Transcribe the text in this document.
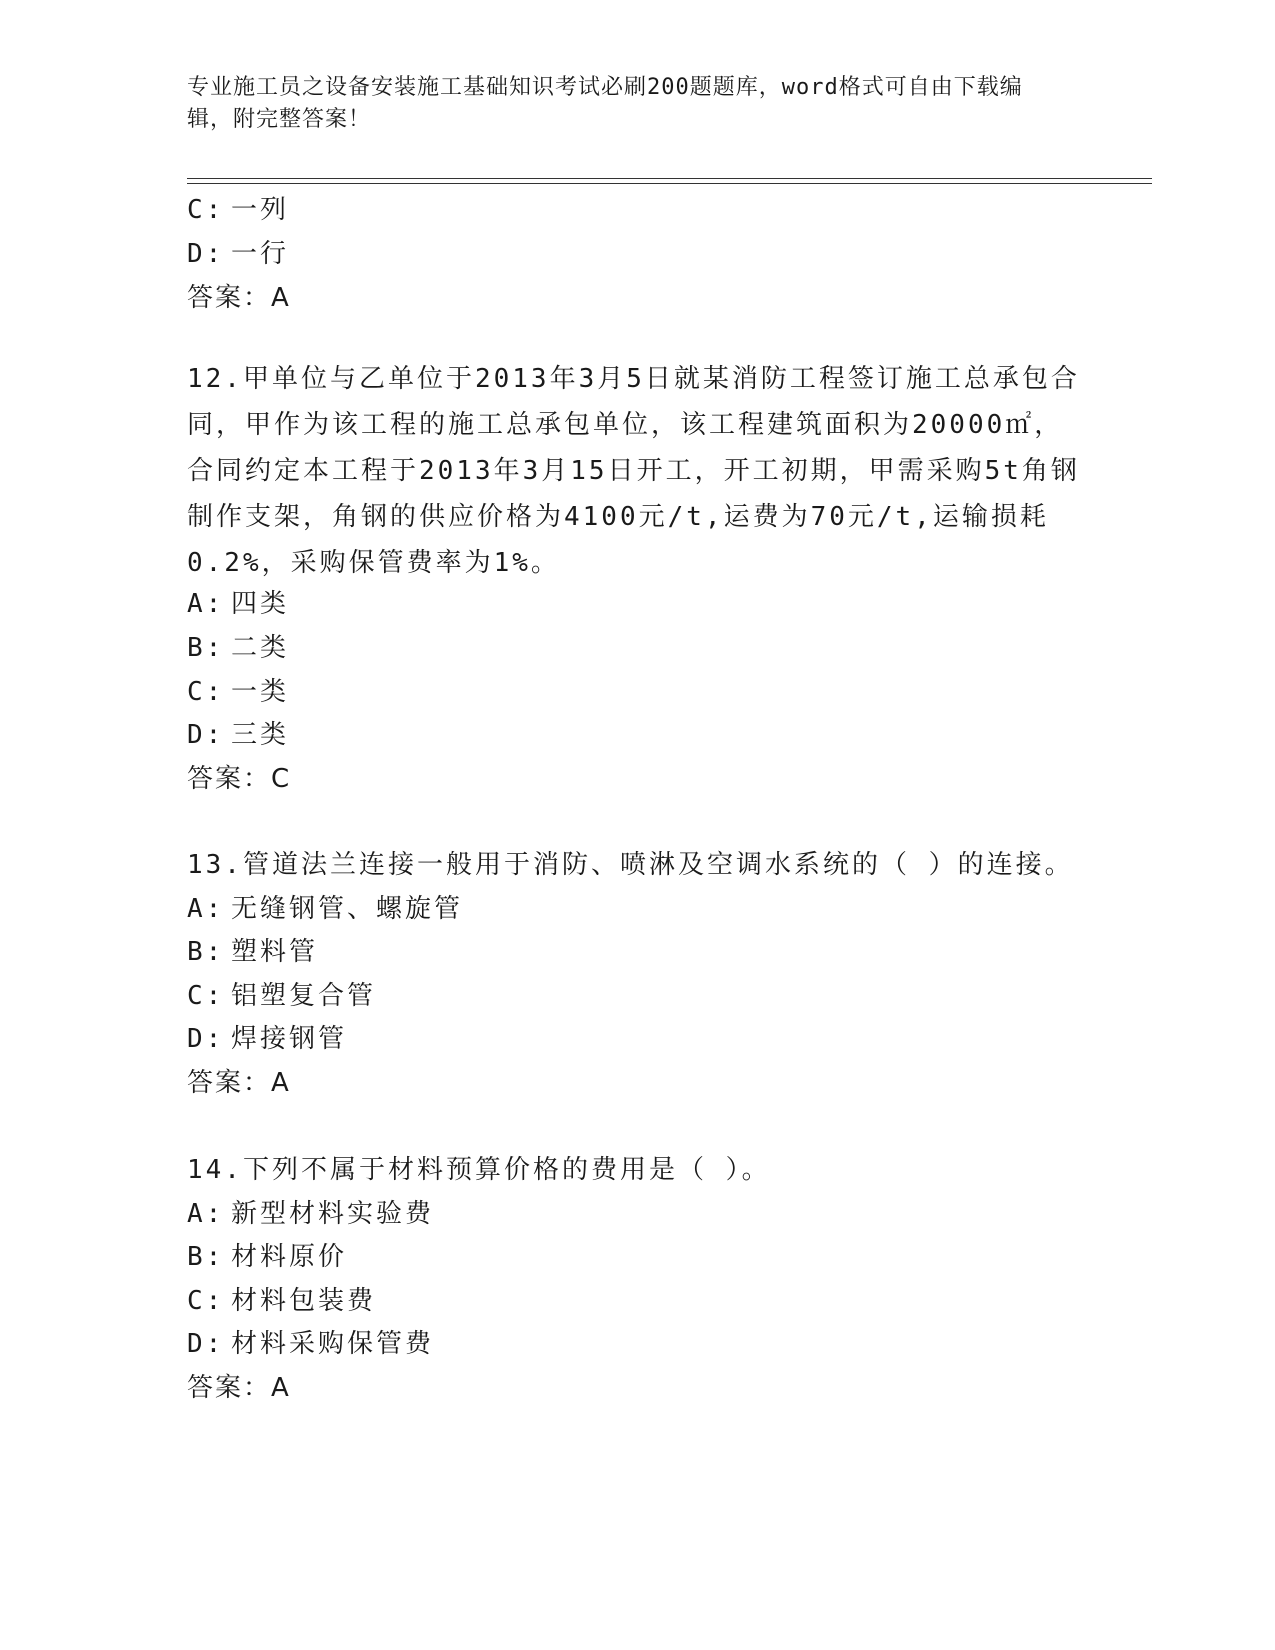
专业施工员之设备安装施工基础知识考试必刷200题题库，word格式可自由下载编辑，附完整答案！
C: 一列
D: 一行
答案：A
12.甲单位与乙单位于2013年3月5日就某消防工程签订施工总承包合同，甲作为该工程的施工总承包单位，该工程建筑面积为20000㎡，合同约定本工程于2013年3月15日开工，开工初期，甲需采购5t角钢制作支架，角钢的供应价格为4100元/t,运费为70元/t,运输损耗0.2%，采购保管费率为1%。
A: 四类
B: 二类
C: 一类
D: 三类
答案：C
13.管道法兰连接一般用于消防、喷淋及空调水系统的（ ）的连接。
A: 无缝钢管、螺旋管
B: 塑料管
C: 铝塑复合管
D: 焊接钢管
答案：A
14.下列不属于材料预算价格的费用是（ ）。
A: 新型材料实验费
B: 材料原价
C: 材料包装费
D: 材料采购保管费
答案：A
